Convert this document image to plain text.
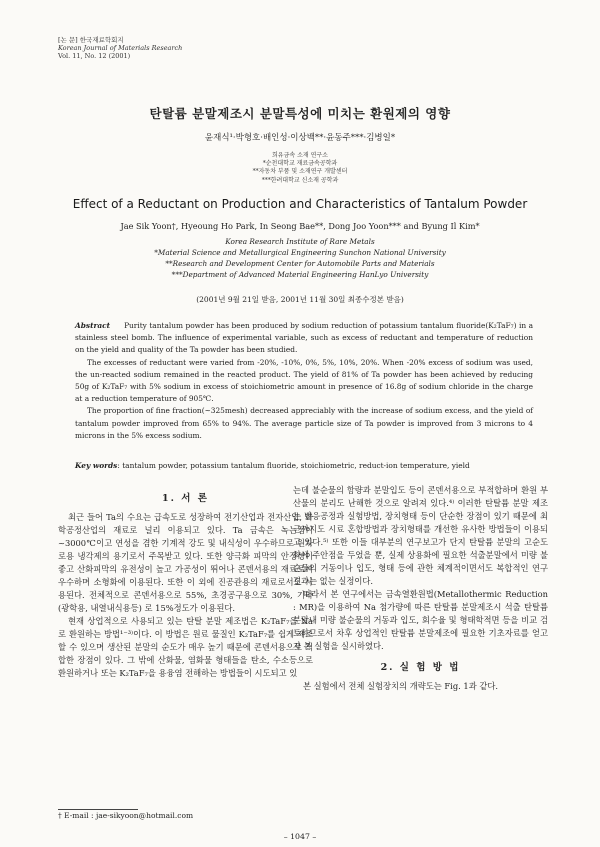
[논 문] 한국재료학회지
Korean Journal of Materials Research
Vol. 11, No. 12 (2001)
탄탈륨 분말제조시 분말특성에 미치는 환원제의 영향
윤재식¹·박형호·배인성·이상백**·윤동주***·김병일*
희유금속 소재 연구소
*순천대학교 재료금속공학과
**자동차 부품 및 소재연구 개발센터
***한려대학교 신소재 공학과
Effect of a Reductant on Production and Characteristics of Tantalum Powder
Jae Sik Yoon†, Hyeoung Ho Park, In Seong Bae**, Dong Joo Yoon*** and Byung Il Kim*
Korea Research Institute of Rare Metals
*Material Science and Metallurgical Engineering Sunchon National University
**Research and Development Center for Automobile Parts and Materials
***Department of Advanced Material Engineering HanLyo University
(2001년 9월 21일 받음, 2001년 11월 30일 최종수정본 받음)

Abstract Purity tantalum powder has been produced by sodium reduction of potassium tantalum fluoride(K₂TaF₇) in a stainless steel bomb. The influence of experimental variable, such as excess of reductant and temperature of reduction on the yield and quality of the Ta powder has been studied.

The excesses of reductant were varied from -20%, -10%, 0%, 5%, 10%, 20%. When -20% excess of sodium was used, the un-reacted sodium remained in the reacted product. The yield of 81% of Ta powder has been achieved by reducing 50g of K₂TaF₇ with 5% sodium in excess of stoichiometric amount in presence of 16.8g of sodium chloride in the charge at a reduction temperature of 905℃.

The proportion of fine fraction(~325mesh) decreased appreciably with the increase of sodium excess, and the yield of tantalum powder improved from 65% to 94%. The average particle size of Ta powder is improved from 3 microns to 4 microns in the 5% excess sodium.

Key words: tantalum powder, potassium tantalum fluoride, stoichiometric, reduct-ion temperature, yield
1. 서 론

최근 들어 Ta의 수요는 급속도로 성장하여 전기산업과 전자산업, 화학공정산업의 재료로 널리 이용되고 있다. Ta 금속은 녹는점이 ~3000℃이고 연성을 겸한 기계적 강도 및 내식성이 우수하므로 원자로용 냉각제의 용기로서 주목받고 있다. 또한 양극화 피막의 안정성이 좋고 산화피막의 유전성이 높고 가공성이 뛰어나 콘덴서용의 재료로써 우수하며 소형화에 이용된다. 또한 이 외에 진공관용의 재료로서도 사용된다. 전체적으로 콘덴서용으로 55%, 초경공구용으로 30%, 기타(광학용, 내열내식용등) 로 15%정도가 이용된다.

현재 상업적으로 사용되고 있는 탄탈 분말 제조법은 K₂TaF₇을 Na로 환원하는 방법¹⁻³⁾이다. 이 방법은 원료 물질인 K₂TaF₇를 쉽게 제조할 수 있으며 생산된 분말의 순도가 매우 높기 때문에 콘덴서용으로 적합한 장점이 있다. 그 밖에 산화물, 염화물 형태들을 탄소, 수소등으로 환원하거나 또는 K₂TaF₇을 용융염 전해하는 방법들이 시도되고 있

는데 불순물의 함량과 분말입도 등이 콘덴서용으로 부적합하며 환원 부산물의 분리도 난해한 것으로 알려져 있다.⁴⁾ 이러한 탄탈륨 분말 제조는 반응공정과 실험방법, 장치형태 등이 단순한 장점이 있기 때문에 최근까지도 시료 혼합방법과 장치형태를 개선한 유사한 방법들이 이용되고 있다.⁵⁾ 또한 이들 대부분의 연구보고가 단지 탄탈륨 분말의 고순도화에 주안점을 두었을 뿐, 실제 상용화에 필요한 석출분말에서 미량 불순물의 거동이나 입도, 형태 등에 관한 체계적이면서도 복합적인 연구결과는 없는 실정이다.

따라서 본 연구에서는 금속열환원법(Metallothermic Reduction : MR)을 이용하여 Na 첨가량에 따른 탄탈륨 분말제조시 석출 탄탈륨 분말내 미량 불순물의 거동과 입도, 회수율 및 형태학적면 등을 비교 검토하므로서 차후 상업적인 탄탈륨 분말제조에 필요한 기초자료를 얻고자 본 실험을 실시하였다.

2. 실 험 방 법

본 실험에서 전체 실험장치의 개략도는 Fig. 1과 같다.

† E-mail : jae-sikyoon@hotmail.com
– 1047 –
